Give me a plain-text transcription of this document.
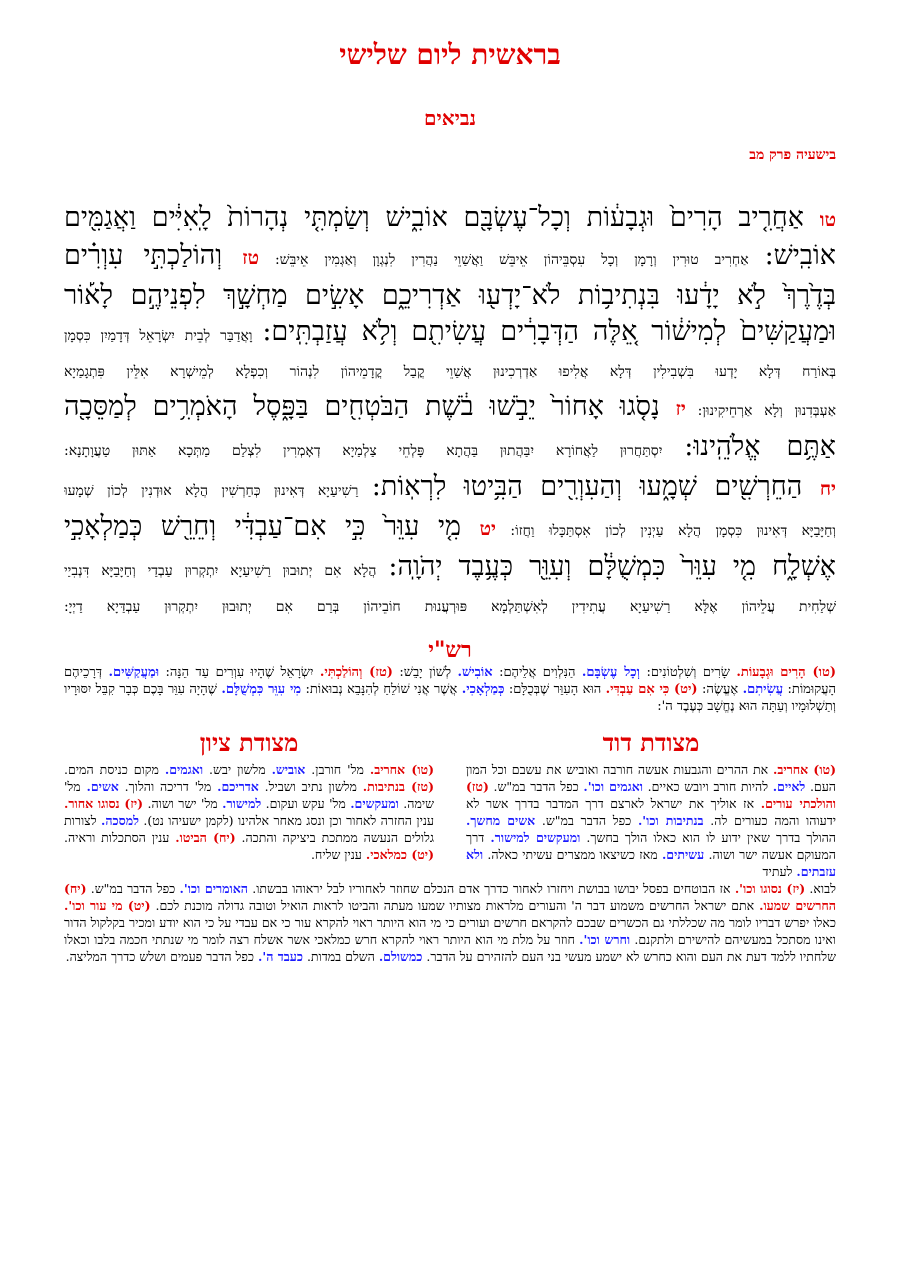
בראשית ליום שלישי
נביאים
בישעיה פרק מב
טו אַחֲרִ֤יב הָרִים֙ וּגְבָע֔וֹת וְכָל־עֶשְׂבָּ֖ם אוֹבִ֑ישׁ וְשַׂמְתִּ֤י נְהָרוֹת֙ לָֽאִיִּ֔ים וַאֲגַמִּ֖ים
אוֹבִֽישׁ: אַחְרִיב טוּרִין וְרָמָן וְכָל עִסְבֵּיהוֹן אֵיבֵּשׁ וַאֲשַׁוֵי נַהֲרִין לִנְגְוָן וְאַגְמִין אֵיבֵּשׁ: טז וְהוֹלַכְתִּ֣י עִוְרִ֗ים
בְּדֶ֙רֶךְ֙ לֹ֣א יָדָ֔עוּ בִּנְתִיב֥וֹת לֹא־יָדְע֖וּ אַדְרִיכֵ֑ם אָשִׂ֣ים מַחְשָׁ֣ךְ לִפְנֵיהֶ֣ם לָא֡וֹר
וּמַעֲקַשִּׁים֙ לְמִישׁ֔וֹר אֵ֚לֶּה הַדְּבָרִ֔ים עֲשִׂיתִ֖ם וְלֹ֥א עֲזַבְתִּֽים: וָאֲדַבַּר לְבֵית יִשְׂרָאֵל דְּדָמַיִן כִּסְמָן
בְּאוֹרַח דְּלָא יָדְעוּ בִּשְׁבִילִין דְּלָא אֲלִיפוּ אַדְרְכִינוּן אֲשַׁוֵי קֳבַל קֳדָמֵיהוֹן לִנְהוֹר וְכִפְלָא לְמֵישְׁרָא אִלֵּין פִּתְגָמַיָא
אַעְבְּדִנוּן וְלָא אַרְחֵיקִינוּן: יז נָסֹ֤גוּ אָחוֹר֙ יֵבֹ֣שׁוּ בֹ֔שֶׁת הַבֹּטְחִ֖ים בַּפָּ֑סֶל הָאֹמְרִ֥ים לְמַסֵּכָ֖ה
אַתֶּ֥ם אֱלֹהֵֽינוּ: יִסְתַּחֲרוּן לַאֲחוֹרָא יִבַּהֲתוּן בַּהֲתָא פָּלְחֵי צַלְמַיָא דְאָמְרִין לִצְלַם מַתְּכָא אַתּוּן טַעֲוָתָנָא:
יח הַחֵרְשִׁ֖ים שְׁמָ֑עוּ וְהַעִוְרִ֖ים הַבִּ֥יטוּ לִרְאֽוֹת: רַשִׁיעַיָא דְּאִינוּן כְּחַרְשִׁין הֲלָא אוּדְנִין לְכוֹן שְׁמָעוּ
וְחַיָּבַיָּא דְּאִינוּן כִּסְמָן הֲלָא עַיְנִין לְכוֹן אִסְתַּכָּלוּ וַחֲזוֹ: יט מִ֤י עִוֵּר֙ כִּ֣י אִם־עַבְדִּ֔י וְחֵרֵ֖שׁ כְּמַלְאָכִ֣י
אֶשְׁלָ֑ח מִ֤י עִוֵּר֙ כִּמְשֻׁלָּ֔ם וְעִוֵּ֖ר כְּעֶ֥בֶד יְהֹוָֽה: הֲלָא אִם יְתוּבוּן רַשִׁיעַיָא יִתְקְרוּן עַבְדַי וְחַיָּבַיָּא דִּנְבִיַי
שְׁלַחִית עֲלֵיהוֹן אֶלָּא רַשִׁיעַיָא עֲתִידִין לְאִשְׁתַּלְמָא פּוּרְעֲנוּת חוֹבֵיהוֹן בְּרַם אִם יְתוּבוּן יִתְקְרוּן עַבְדַּיָא דַיְיָ:
רש"י
(טו) הָרִים וּגְבָעוֹת. שָׂרִים וְשִׁלְטוֹנִים: וְכָל עֶשְׂבָּם. הַנִּלְוִים אֲלֵיהֶם: אוֹבִישׁ. לְשׁוֹן יָבֵשׁ: (טז) וְהוֹלַכְתִּי. יִשְׂרָאֵל שֶׁהָיוּ עִוְרִים עַד הֵנָּה: וּמַעֲקַשִּׁים. דְּרָכֵיהֶם הָעֲקוּמוֹת: עֲשִׂיתִם. אֶעֱשֶׂה: (יט) כִּי אִם עַבְדִּי. הוּא הָעִוֵּר שֶׁבְּכֻלָּם: כְּמַלְאָכִי. אֲשֶׁר אֲנִי שׁוֹלֵחַ לְהִנָּבֵא נְבוּאוֹת: מִי עִוֵּר כִּמְשֻׁלָּם. שֶׁהָיָה עִוֵּר בָּכֶם כְּבָר קִבֵּל יִסּוּרָיו וְתַשְׁלוּמָיו וְעַתָּה הוּא נֶחֱשָׁב כְּעֶבֶד ה':
מצודת דוד
(טו) אחריב. את ההרים והגבעות אעשה חורבה ואוביש את עשבם וכל המון העם. לאיים. להיות חורב ויובש כאיים. ואגמים וכו'. כפל הדבר במ"ש. (טז) והולכתי עורים. אז אוליך את ישראל לארצם דרך המדבר בדרך אשר לא ידעוהו והמה כעורים לה. בנתיבות וכו'. כפל הדבר במ"ש. אשים מחשך. ההולך בדרך שאין ידוע לו הוא כאלו הולך בחשך. ומעקשים למישור. דרך המעוקם אעשה ישר ושוה. עשיתים. מאז כשיצאו ממצרים עשיתי כאלה. ולא עזבתים. לעתיד
מצודת ציון
(טו) אחריב. מל' חורבן. אוביש. מלשון יבש. ואגמים. מקום כניסת המים. (טז) בנתיבות. מלשון נתיב ושביל. אדריכם. מל' דריכה והלוך. אשים. מל' שימה. ומעקשים. מל' עקש ועקום. למישור. מל' ישר ושוה. (יז) נסוגו אחור. ענין החזרה לאחור וכן ונסג מאחר אלהינו (לקמן ישעיהו נט). למסכה. לצורות גלולים הנעשה ממתכת ביציקה והתכה. (יח) הביטו. ענין הסתכלות וראיה. (יט) כמלאכי. ענין שליח.
לבוא. (יז) נסוגו וכו'. אז הבוטחים בפסל יבושו בבושת ויחזרו לאחור כדרך אדם הנכלם שחוזר לאחוריו לבל יראוהו בבשתו. האומרים וכו'. כפל הדבר במ"ש. (יח) החרשים שמעו. אתם ישראל החרשים משמוע דבר ה' והעורים מלראות מצותיו שמעו מעתה והביטו לראות הואיל וטובה גדולה מוכנת לכם. (יט) מי עור וכו'. כאלו יפרש דבריו לומר מה שכללתי גם הכשרים שבכם להקראם חרשים ועורים כי מי הוא היותר ראוי להקרא עור כי אם עבדי על כי הוא יודע ומכיר בקלקול הדור ואינו מסתכל במעשיהם להישירם ולתקנם. וחרש וכו'. חוזר על מלת מי הוא היותר ראוי להקרא חרש כמלאכי אשר אשלח רצה לומר מי שנתתי חכמה בלבו וכאלו שלחתיו ללמד דעת את העם והוא כחרש לא ישמע מעשי בני העם להזהירם על הדבר. כמשולם. השלם במדות. כעבד ה'. כפל הדבר פעמים ושלש כדרך המליצה.
